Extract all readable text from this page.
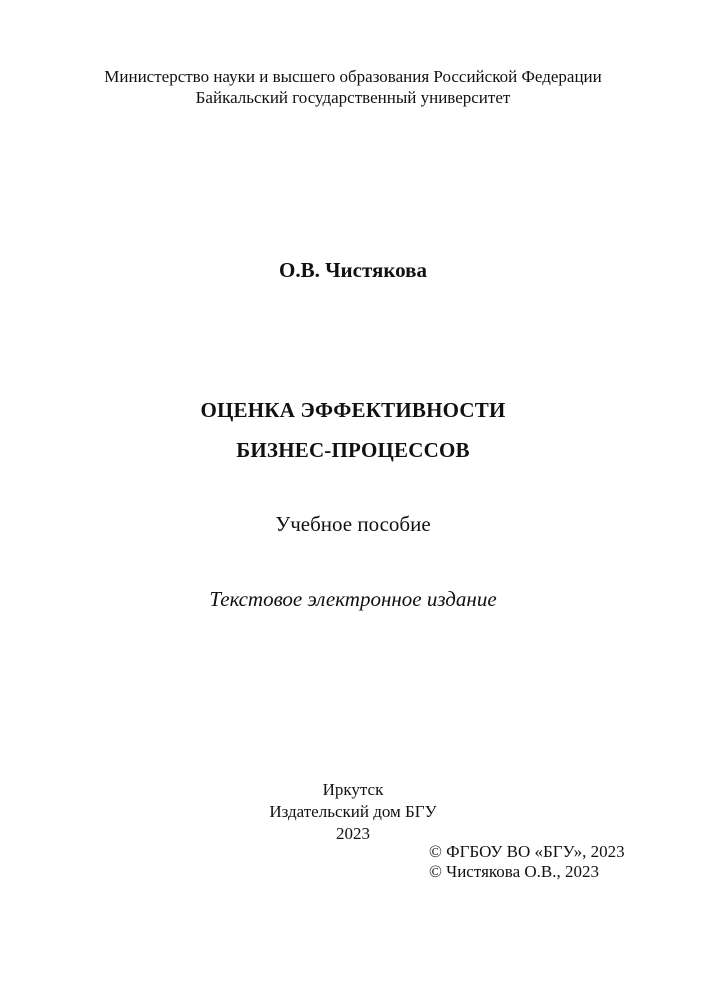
Министерство науки и высшего образования Российской Федерации
Байкальский государственный университет
О.В. Чистякова
ОЦЕНКА ЭФФЕКТИВНОСТИ
БИЗНЕС-ПРОЦЕССОВ
Учебное пособие
Текстовое электронное издание
Иркутск
Издательский дом БГУ
2023
© ФГБОУ ВО «БГУ», 2023
© Чистякова О.В., 2023
